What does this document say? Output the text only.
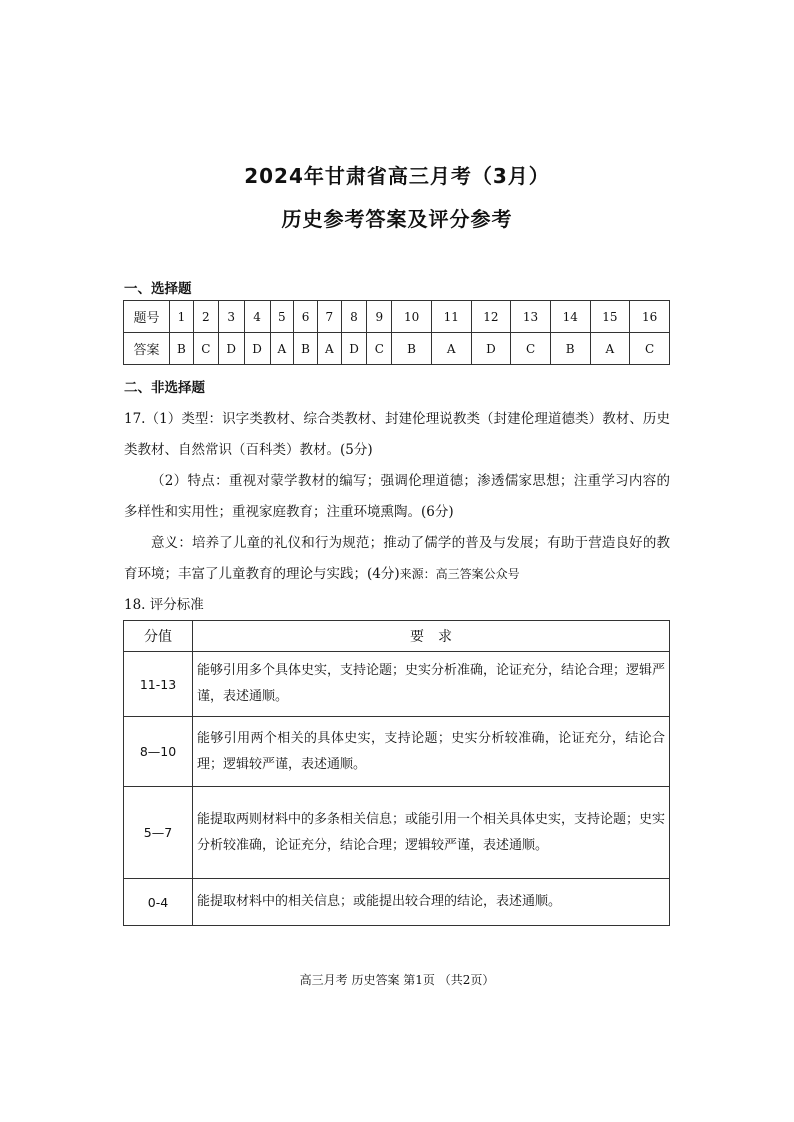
2024年甘肃省高三月考（3月）
历史参考答案及评分参考
一、选择题
题号	1	2	3	4	5	6	7	8	9	10	11	12	13	14	15	16
答案	B	C	D	D	A	B	A	D	C	B	A	D	C	B	A	C
二、非选择题
17.（1）类型：识字类教材、综合类教材、封建伦理说教类（封建伦理道德类）教材、历史类教材、自然常识（百科类）教材。(5分)
（2）特点：重视对蒙学教材的编写；强调伦理道德；渗透儒家思想；注重学习内容的多样性和实用性；重视家庭教育；注重环境熏陶。(6分)
意义：培养了儿童的礼仪和行为规范；推动了儒学的普及与发展；有助于营造良好的教育环境；丰富了儿童教育的理论与实践；(4分)来源：高三答案公众号
18. 评分标准
分值	要　求
11-13	能够引用多个具体史实，支持论题；史实分析准确，论证充分，结论合理；逻辑严谨，表述通顺。
8—10	能够引用两个相关的具体史实，支持论题；史实分析较准确，论证充分，结论合理；逻辑较严谨，表述通顺。
5—7	能提取两则材料中的多条相关信息；或能引用一个相关具体史实，支持论题；史实分析较准确，论证充分，结论合理；逻辑较严谨，表述通顺。
0-4	能提取材料中的相关信息；或能提出较合理的结论，表述通顺。
高三月考 历史答案 第1页 （共2页）
